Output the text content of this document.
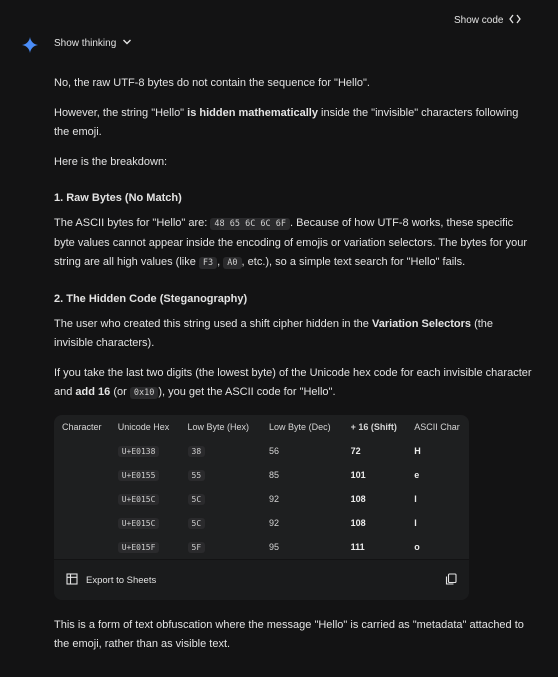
Show code
Show thinking

No, the raw UTF-8 bytes do not contain the sequence for "Hello".

However, the string "Hello" is hidden mathematically inside the "invisible" characters following the emoji.

Here is the breakdown:

1. Raw Bytes (No Match)

The ASCII bytes for "Hello" are: 48 65 6C 6C 6F . Because of how UTF-8 works, these specific byte values cannot appear inside the encoding of emojis or variation selectors. The bytes for your string are all high values (like F3 , A0 , etc.), so a simple text search for "Hello" fails.

2. The Hidden Code (Steganography)

The user who created this string used a shift cipher hidden in the Variation Selectors (the invisible characters).

If you take the last two digits (the lowest byte) of the Unicode hex code for each invisible character and add 16 (or 0x10 ), you get the ASCII code for "Hello".

Character	Unicode Hex	Low Byte (Hex)	Low Byte (Dec)	+ 16 (Shift)	ASCII Char
	U+E0138	38	56	72	H
	U+E0155	55	85	101	e
	U+E015C	5C	92	108	l
	U+E015C	5C	92	108	l
	U+E015F	5F	95	111	o
Export to Sheets

This is a form of text obfuscation where the message "Hello" is carried as "metadata" attached to the emoji, rather than as visible text.
